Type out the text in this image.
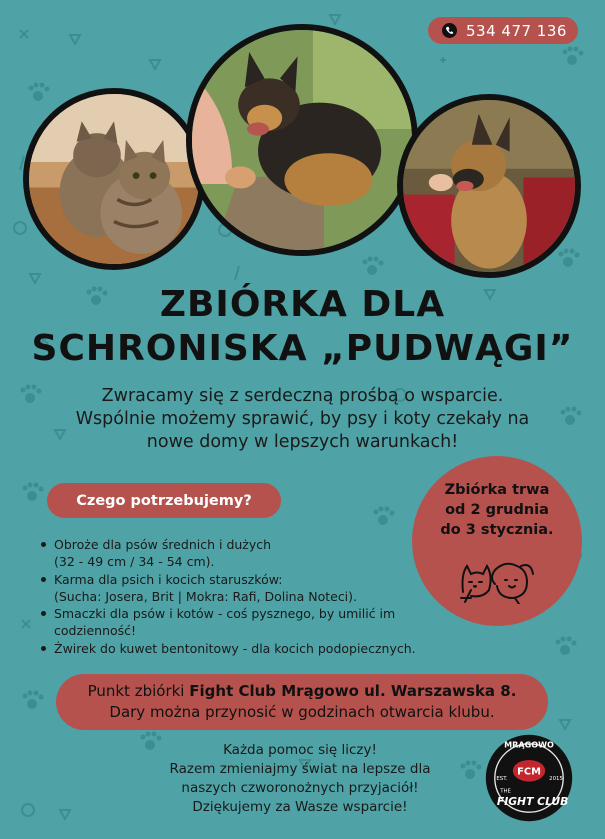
534 477 136
ZBIÓRKA DLA
SCHRONISKA „PUDWĄGI”
Zwracamy się z serdeczną prośbą o wsparcie.
Wspólnie możemy sprawić, by psy i koty czekały na
nowe domy w lepszych warunkach!
Czego potrzebujemy?
Obroże dla psów średnich i dużych
(32 - 49 cm / 34 - 54 cm).
Karma dla psich i kocich staruszków:
(Sucha: Josera, Brit | Mokra: Rafi, Dolina Noteci).
Smaczki dla psów i kotów - coś pysznego, by umilić im
codzienność!
Żwirek do kuwet bentonitowy - dla kocich podopiecznych.
Zbiórka trwa
od 2 grudnia
do 3 stycznia.
Punkt zbiórki Fight Club Mrągowo ul. Warszawska 8.
Dary można przynosić w godzinach otwarcia klubu.
Każda pomoc się liczy!
Razem zmieniajmy świat na lepsze dla
naszych czworonożnych przyjaciół!
Dziękujemy za Wasze wsparcie!
MRĄGOWO
FCM
EST.	2015
THE
FIGHT CLUB
